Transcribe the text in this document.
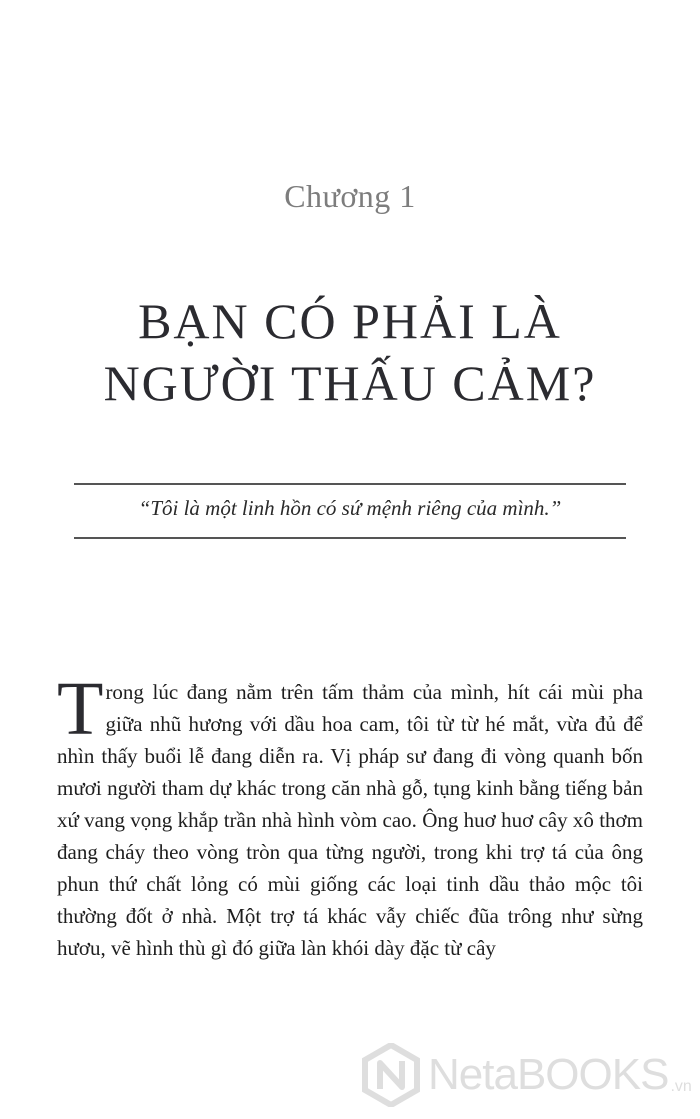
Chương 1
BẠN CÓ PHẢI LÀ
NGƯỜI THẤU CẢM?
“Tôi là một linh hồn có sứ mệnh riêng của mình.”

Trong lúc đang nằm trên tấm thảm của mình, hít cái mùi pha giữa nhũ hương với dầu hoa cam, tôi từ từ hé mắt, vừa đủ để nhìn thấy buổi lễ đang diễn ra. Vị pháp sư đang đi vòng quanh bốn mươi người tham dự khác trong căn nhà gỗ, tụng kinh bằng tiếng bản xứ vang vọng khắp trần nhà hình vòm cao. Ông huơ huơ cây xô thơm đang cháy theo vòng tròn qua từng người, trong khi trợ tá của ông phun thứ chất lỏng có mùi giống các loại tinh dầu thảo mộc tôi thường đốt ở nhà. Một trợ tá khác vẫy chiếc đũa trông như sừng hươu, vẽ hình thù gì đó giữa làn khói dày đặc từ cây

NetaBOOKS .vn
